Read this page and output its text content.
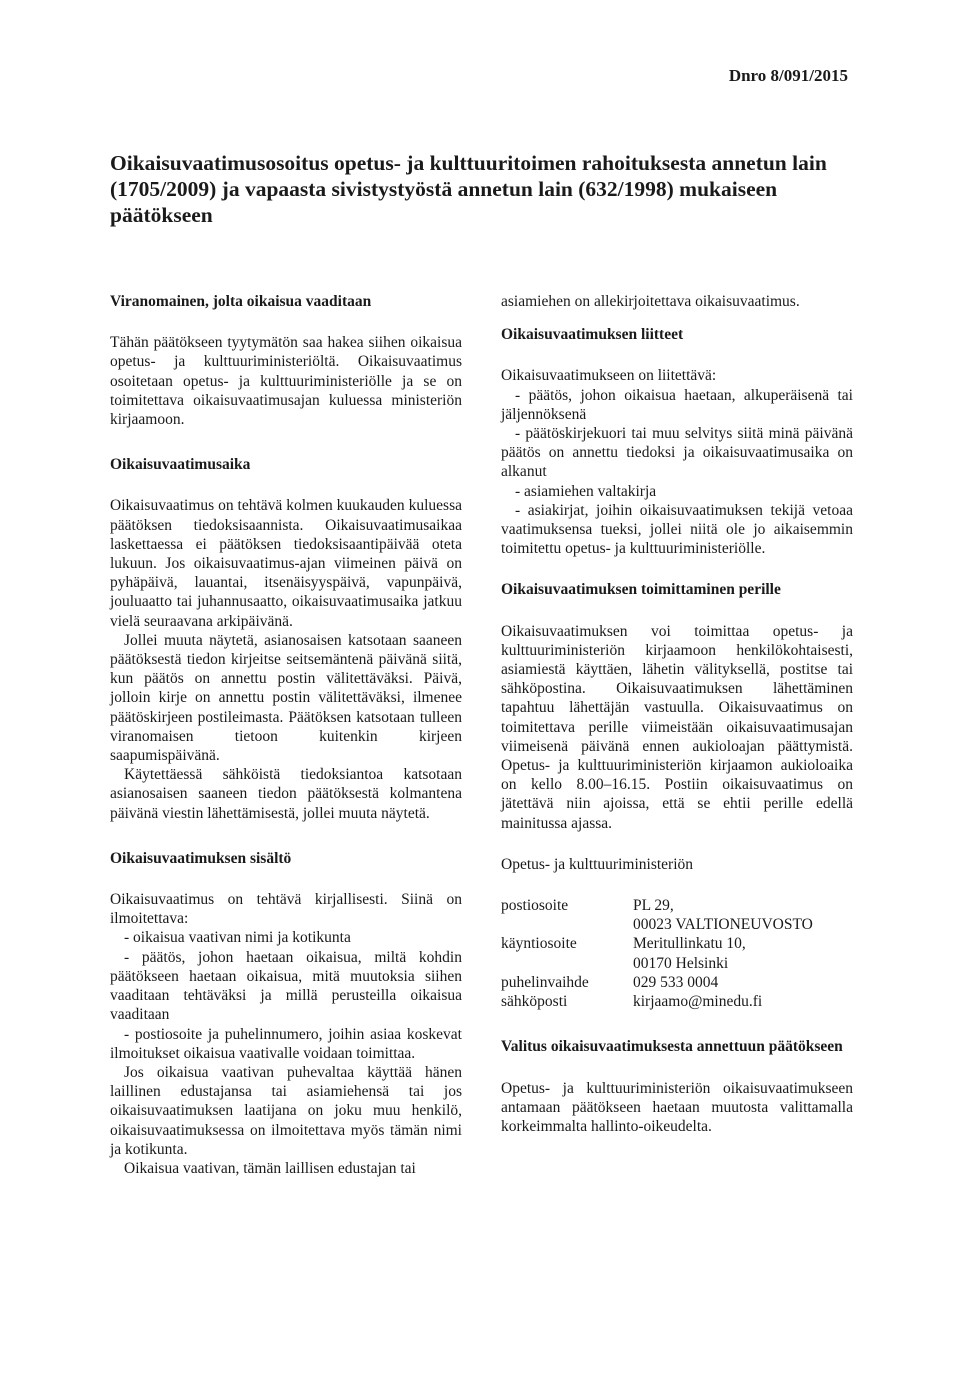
Dnro 8/091/2015
Oikaisuvaatimusosoitus opetus- ja kulttuuritoimen rahoituksesta annetun lain (1705/2009) ja vapaasta sivistystyöstä annetun lain (632/1998) mukaiseen päätökseen
Viranomainen, jolta oikaisua vaaditaan

Tähän päätökseen tyytymätön saa hakea siihen oikaisua opetus- ja kulttuuriministeriöltä. Oikaisuvaatimus osoitetaan opetus- ja kulttuuriministeriölle ja se on toimitettava oikaisuvaatimusajan kuluessa ministeriön kirjaamoon.

Oikaisuvaatimusaika

Oikaisuvaatimus on tehtävä kolmen kuukauden kuluessa päätöksen tiedoksisaannista. Oikaisuvaatimusaikaa laskettaessa ei päätöksen tiedoksisaantipäivää oteta lukuun. Jos oikaisuvaatimus-ajan viimeinen päivä on pyhäpäivä, lauantai, itsenäisyyspäivä, vapunpäivä, jouluaatto tai juhannusaatto, oikaisuvaatimusaika jatkuu vielä seuraavana arkipäivänä.

Jollei muuta näytetä, asianosaisen katsotaan saaneen päätöksestä tiedon kirjeitse seitsemäntenä päivänä siitä, kun päätös on annettu postin välitettäväksi. Päivä, jolloin kirje on annettu postin välitettäväksi, ilmenee päätöskirjeen postileimasta. Päätöksen katsotaan tulleen viranomaisen tietoon kuitenkin kirjeen saapumispäivänä.

Käytettäessä sähköistä tiedoksiantoa katsotaan asianosaisen saaneen tiedon päätöksestä kolmantena päivänä viestin lähettämisestä, jollei muuta näytetä.

Oikaisuvaatimuksen sisältö

Oikaisuvaatimus on tehtävä kirjallisesti. Siinä on ilmoitettava:

- oikaisua vaativan nimi ja kotikunta

- päätös, johon haetaan oikaisua, miltä kohdin päätökseen haetaan oikaisua, mitä muutoksia siihen vaaditaan tehtäväksi ja millä perusteilla oikaisua vaaditaan

- postiosoite ja puhelinnumero, joihin asiaa koskevat ilmoitukset oikaisua vaativalle voidaan toimittaa.

Jos oikaisua vaativan puhevaltaa käyttää hänen laillinen edustajansa tai asiamiehensä tai jos oikaisuvaatimuksen laatijana on joku muu henkilö, oikaisuvaatimuksessa on ilmoitettava myös tämän nimi ja kotikunta.

Oikaisua vaativan, tämän laillisen edustajan tai

asiamiehen on allekirjoitettava oikaisuvaatimus.

Oikaisuvaatimuksen liitteet

Oikaisuvaatimukseen on liitettävä:

- päätös, johon oikaisua haetaan, alkuperäisenä tai jäljennöksenä

- päätöskirjekuori tai muu selvitys siitä minä päivänä päätös on annettu tiedoksi ja oikaisuvaatimusaika on alkanut

- asiamiehen valtakirja

- asiakirjat, joihin oikaisuvaatimuksen tekijä vetoaa vaatimuksensa tueksi, jollei niitä ole jo aikaisemmin toimitettu opetus- ja kulttuuriministeriölle.

Oikaisuvaatimuksen toimittaminen perille

Oikaisuvaatimuksen voi toimittaa opetus- ja kulttuuriministeriön kirjaamoon henkilökohtaisesti, asiamiestä käyttäen, lähetin välityksellä, postitse tai sähköpostina. Oikaisuvaatimuksen lähettäminen tapahtuu lähettäjän vastuulla. Oikaisuvaatimus on toimitettava perille viimeistään oikaisuvaatimusajan viimeisenä päivänä ennen aukioloajan päättymistä. Opetus- ja kulttuuriministeriön kirjaamon aukioloaika on kello 8.00–16.15. Postiin oikaisuvaatimus on jätettävä niin ajoissa, että se ehtii perille edellä mainitussa ajassa.

Opetus- ja kulttuuriministeriön

postiosoite	PL 29,
00023 VALTIONEUVOSTO
käyntiosoite	Meritullinkatu 10,
00170 Helsinki
puhelinvaihde	029 533 0004
sähköposti	kirjaamo@minedu.fi
Valitus oikaisuvaatimuksesta annettuun päätökseen

Opetus- ja kulttuuriministeriön oikaisuvaatimukseen antamaan päätökseen haetaan muutosta valittamalla korkeimmalta hallinto-oikeudelta.
